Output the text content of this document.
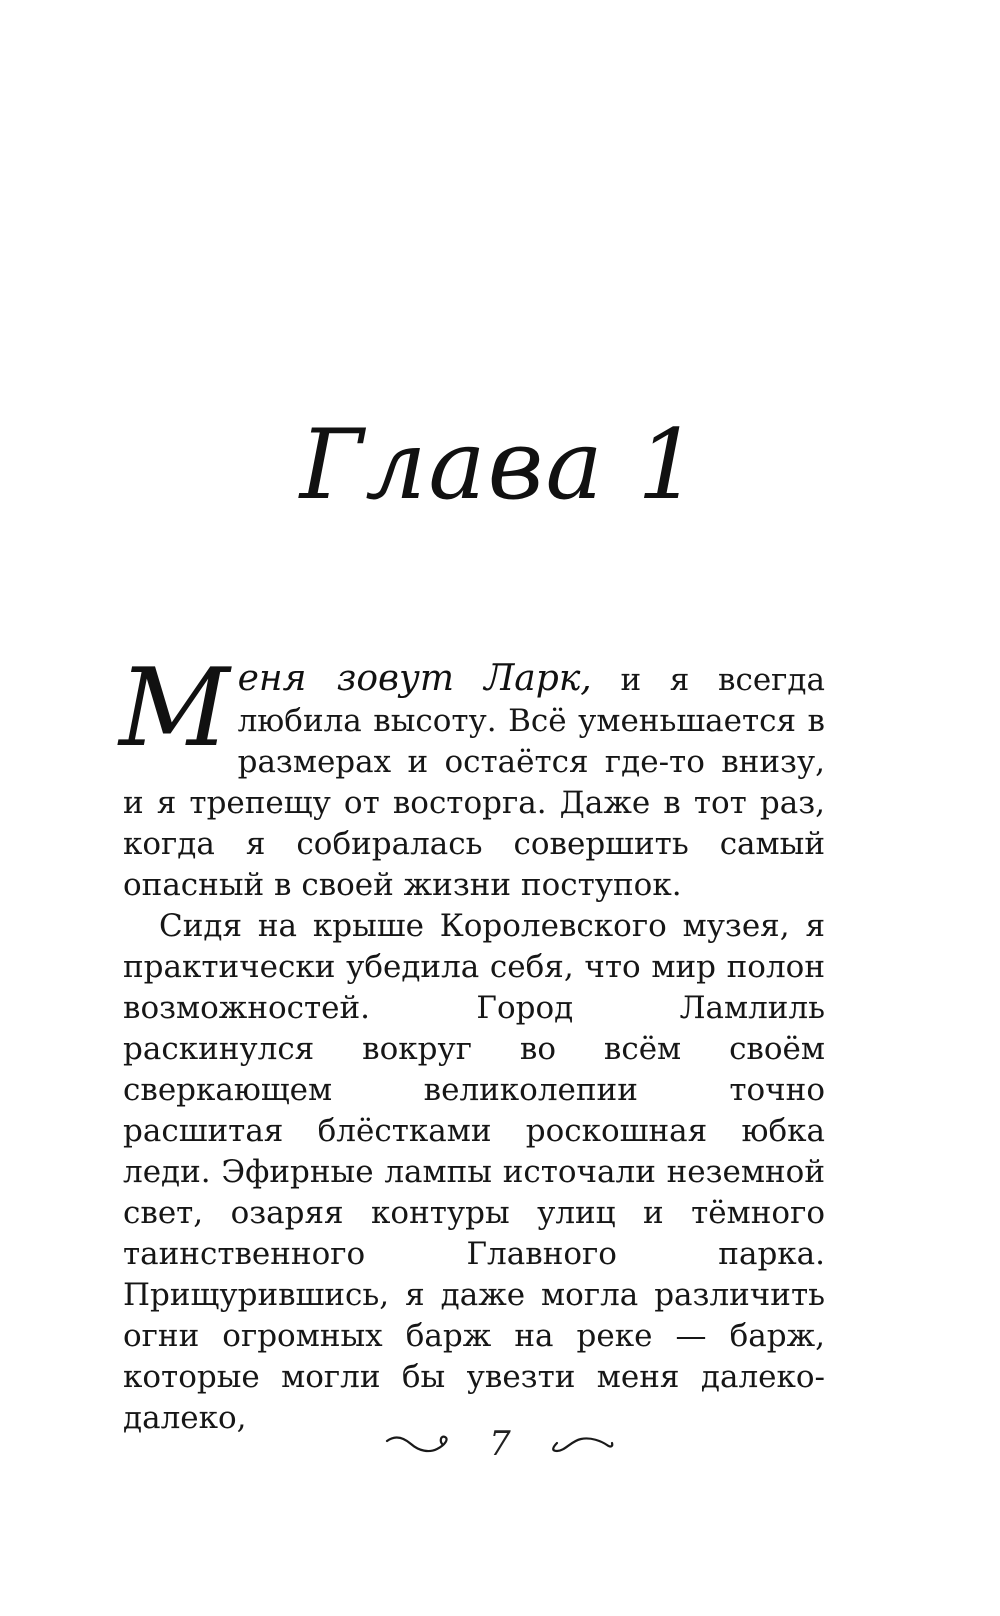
Глава 1

Меня зовут Ларк, и я всегда любила высоту. Всё уменьшается в размерах и остаётся где-то внизу, и я трепещу от восторга. Даже в тот раз, когда я собиралась совершить самый опасный в своей жизни поступок.

Сидя на крыше Королевского музея, я практически убедила себя, что мир полон возможностей. Город Ламлиль раскинулся вокруг во всём своём сверкающем великолепии точно расшитая блёстками роскошная юбка леди. Эфирные лампы источали неземной свет, озаряя контуры улиц и тёмного таинственного Главного парка. Прищурившись, я даже могла различить огни огромных барж на реке — барж, которые могли бы увезти меня далеко-далеко,

7
